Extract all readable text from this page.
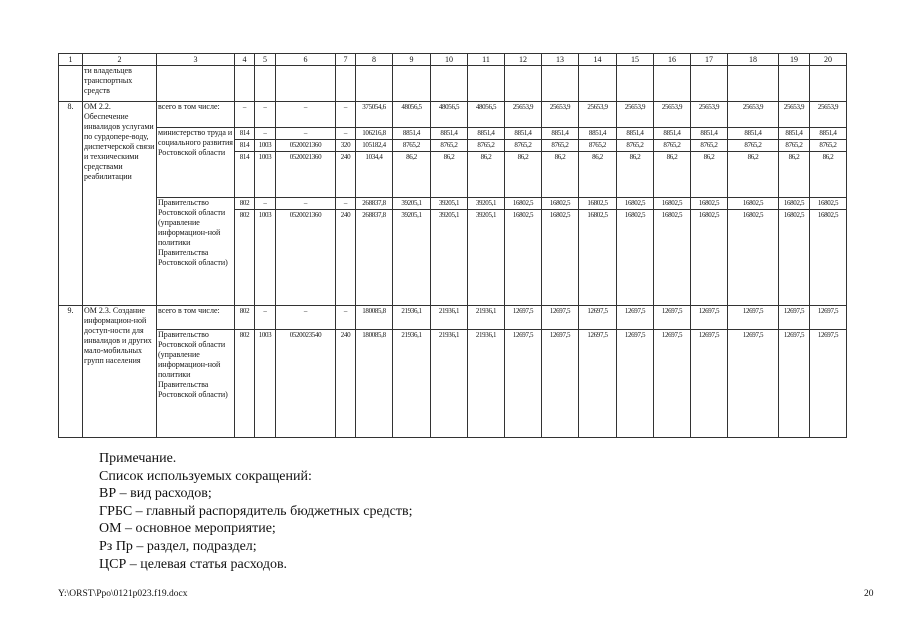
1	2	3	4	5	6	7	8	9	10	11	12	13	14	15	16	17	18	19	20
	ти владельцев транспортных средств																		
8.	ОМ 2.2. Обеспечение инвалидов услугами по сурдопере-воду, диспетчерской связи и техническими средствами реабилитации	всего в том числе:	–	–	–	–	375054,6	48056,5	48056,5	48056,5	25653,9	25653,9	25653,9	25653,9	25653,9	25653,9	25653,9	25653,9	25653,9
		министерство труда и социального развития Ростовской области	814	–	–	–	106216,8	8851,4	8851,4	8851,4	8851,4	8851,4	8851,4	8851,4	8851,4	8851,4	8851,4	8851,4	8851,4
			814	1003	0520021360	320	105182,4	8765,2	8765,2	8765,2	8765,2	8765,2	8765,2	8765,2	8765,2	8765,2	8765,2	8765,2	8765,2
			814	1003	0520021360	240	1034,4	86,2	86,2	86,2	86,2	86,2	86,2	86,2	86,2	86,2	86,2	86,2	86,2
		Правительство Ростовской области (управление информацион-ной политики Правительства Ростовской области)	802	–	–	–	268837,8	39205,1	39205,1	39205,1	16802,5	16802,5	16802,5	16802,5	16802,5	16802,5	16802,5	16802,5	16802,5
			802	1003	0520021360	240	268837,8	39205,1	39205,1	39205,1	16802,5	16802,5	16802,5	16802,5	16802,5	16802,5	16802,5	16802,5	16802,5
9.	ОМ 2.3. Создание информацион-ной доступ-ности для инвалидов и других мало-мобильных групп населения	всего в том числе:	802	–	–	–	180085,8	21936,1	21936,1	21936,1	12697,5	12697,5	12697,5	12697,5	12697,5	12697,5	12697,5	12697,5	12697,5
		Правительство Ростовской области (управление информацион-ной политики Правительства Ростовской области)	802	1003	0520023540	240	180085,8	21936,1	21936,1	21936,1	12697,5	12697,5	12697,5	12697,5	12697,5	12697,5	12697,5	12697,5	12697,5
Примечание.
Список используемых сокращений:
ВР – вид расходов;
ГРБС – главный распорядитель бюджетных средств;
ОМ – основное мероприятие;
Рз Пр – раздел, подраздел;
ЦСР – целевая статья расходов.
Y:\ORST\Ppo\0121p023.f19.docx	20
